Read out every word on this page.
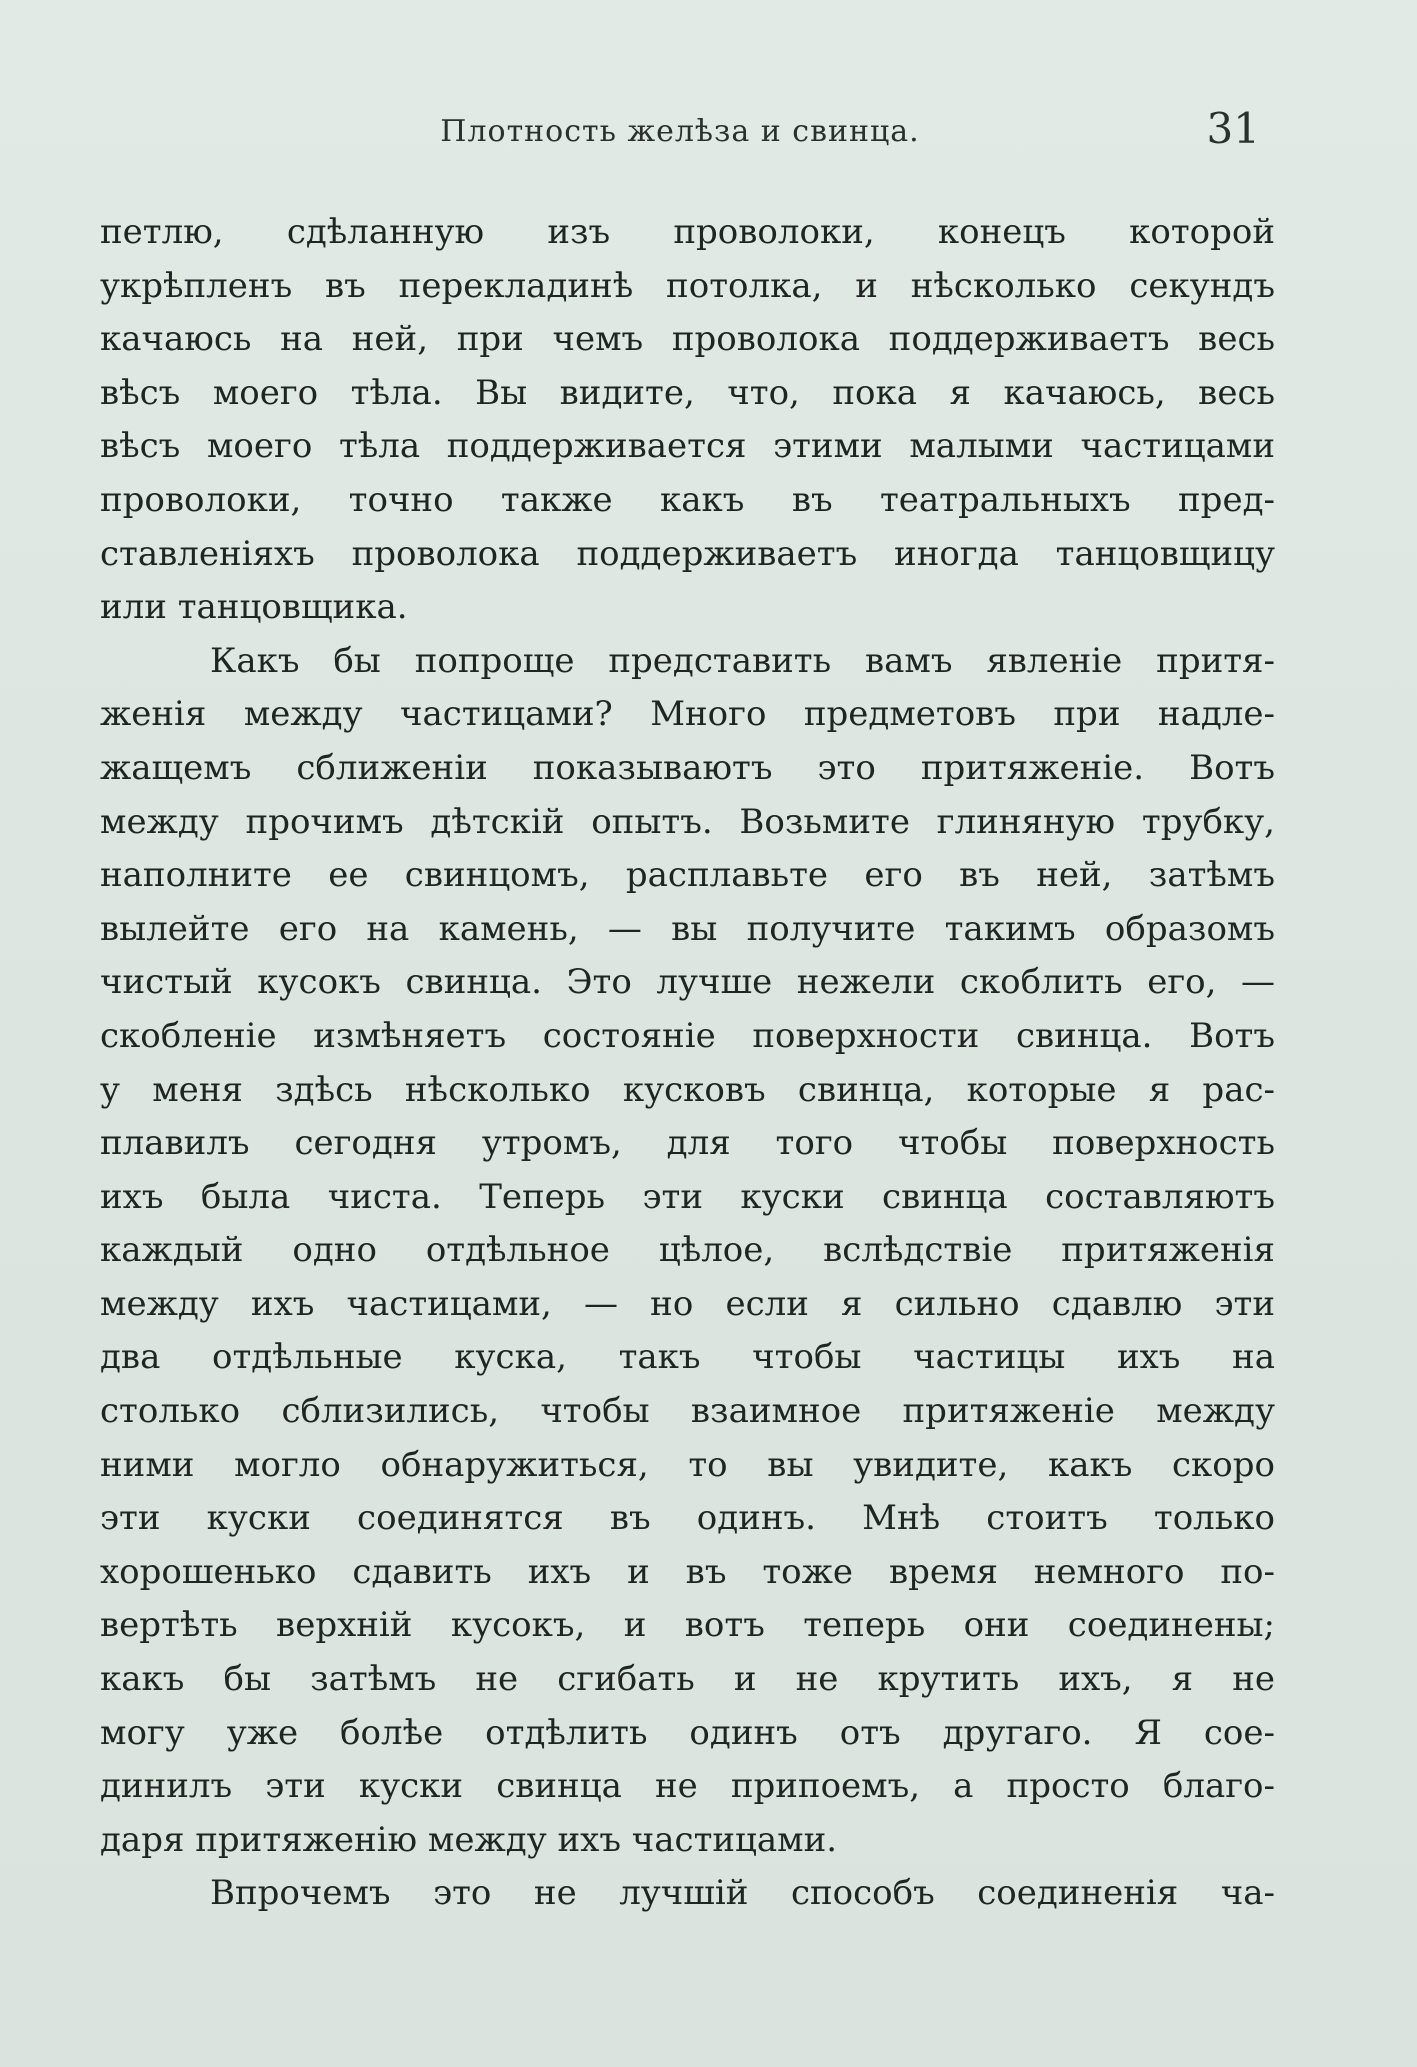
Плотность желѣза и свинца.	31
петлю, сдѣланную изъ проволоки, конецъ которой
укрѣпленъ въ перекладинѣ потолка, и нѣсколько секундъ
качаюсь на ней, при чемъ проволока поддерживаетъ весь
вѣсъ моего тѣла. Вы видите, что, пока я качаюсь, весь
вѣсъ моего тѣла поддерживается этими малыми частицами
проволоки, точно также какъ въ театральныхъ пред-
ставленіяхъ проволока поддерживаетъ иногда танцовщицу
или танцовщика.
Какъ бы попроще представить вамъ явленіе притя-
женія между частицами? Много предметовъ при надле-
жащемъ сближеніи показываютъ это притяженіе. Вотъ
между прочимъ дѣтскій опытъ. Возьмите глиняную трубку,
наполните ее свинцомъ, расплавьте его въ ней, затѣмъ
вылейте его на камень, — вы получите такимъ образомъ
чистый кусокъ свинца. Это лучше нежели скоблить его, —
скобленіе измѣняетъ состояніе поверхности свинца. Вотъ
у меня здѣсь нѣсколько кусковъ свинца, которые я рас-
плавилъ сегодня утромъ, для того чтобы поверхность
ихъ была чиста. Теперь эти куски свинца составляютъ
каждый одно отдѣльное цѣлое, вслѣдствіе притяженія
между ихъ частицами, — но если я сильно сдавлю эти
два отдѣльные куска, такъ чтобы частицы ихъ на
столько сблизились, чтобы взаимное притяженіе между
ними могло обнаружиться, то вы увидите, какъ скоро
эти куски соединятся въ одинъ. Мнѣ стоитъ только
хорошенько сдавить ихъ и въ тоже время немного по-
вертѣть верхній кусокъ, и вотъ теперь они соединены;
какъ бы затѣмъ не сгибать и не крутить ихъ, я не
могу уже болѣе отдѣлить одинъ отъ другаго. Я сое-
динилъ эти куски свинца не припоемъ, а просто благо-
даря притяженію между ихъ частицами.
Впрочемъ это не лучшій способъ соединенія ча-
